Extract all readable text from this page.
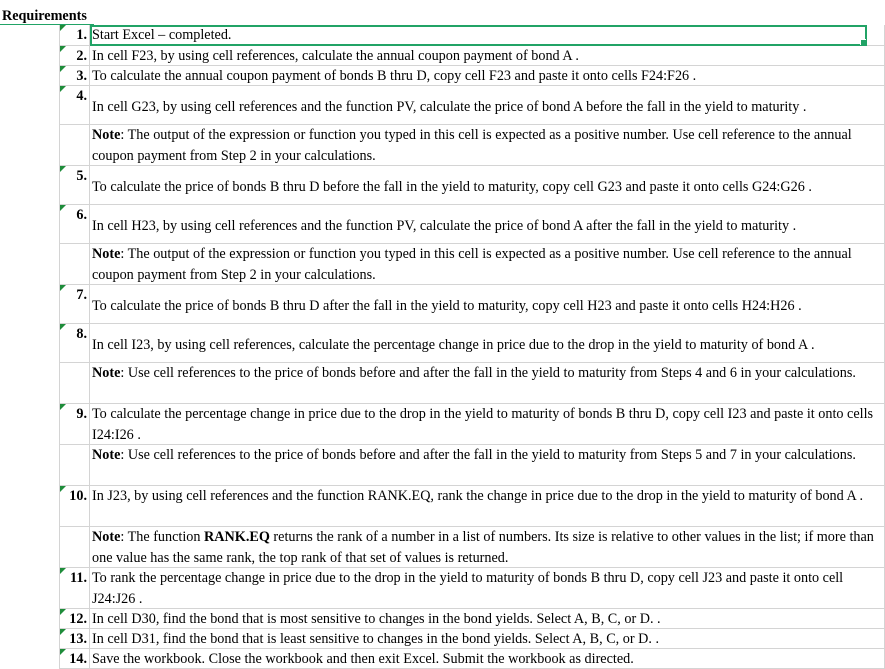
Requirements
1. Start Excel – completed.
2. In cell F23, by using cell references, calculate the annual coupon payment of bond A .
3. To calculate the annual coupon payment of bonds B thru D, copy cell F23 and paste it onto cells F24:F26 .
4.
In cell G23, by using cell references and the function PV, calculate the price of bond A before the fall in the yield to maturity .
Note: The output of the expression or function you typed in this cell is expected as a positive number. Use cell reference to the annual coupon payment from Step 2 in your calculations.
5.
To calculate the price of bonds B thru D before the fall in the yield to maturity, copy cell G23 and paste it onto cells G24:G26 .
6.
In cell H23, by using cell references and the function PV, calculate the price of bond A after the fall in the yield to maturity .
Note: The output of the expression or function you typed in this cell is expected as a positive number. Use cell reference to the annual coupon payment from Step 2 in your calculations.
7.
To calculate the price of bonds B thru D after the fall in the yield to maturity, copy cell H23 and paste it onto cells H24:H26 .
8.
In cell I23, by using cell references, calculate the percentage change in price due to the drop in the yield to maturity of bond A .
Note: Use cell references to the price of bonds before and after the fall in the yield to maturity from Steps 4 and 6 in your calculations.
9. To calculate the percentage change in price due to the drop in the yield to maturity of bonds B thru D, copy cell I23 and paste it onto cells I24:I26 .
Note: Use cell references to the price of bonds before and after the fall in the yield to maturity from Steps 5 and 7 in your calculations.
10. In J23, by using cell references and the function RANK.EQ, rank the change in price due to the drop in the yield to maturity of bond A .
Note: The function RANK.EQ returns the rank of a number in a list of numbers. Its size is relative to other values in the list; if more than one value has the same rank, the top rank of that set of values is returned.
11. To rank the percentage change in price due to the drop in the yield to maturity of bonds B thru D, copy cell J23 and paste it onto cell J24:J26 .
12. In cell D30, find the bond that is most sensitive to changes in the bond yields. Select A, B, C, or D. .
13. In cell D31, find the bond that is least sensitive to changes in the bond yields. Select A, B, C, or D. .
14. Save the workbook. Close the workbook and then exit Excel. Submit the workbook as directed.
